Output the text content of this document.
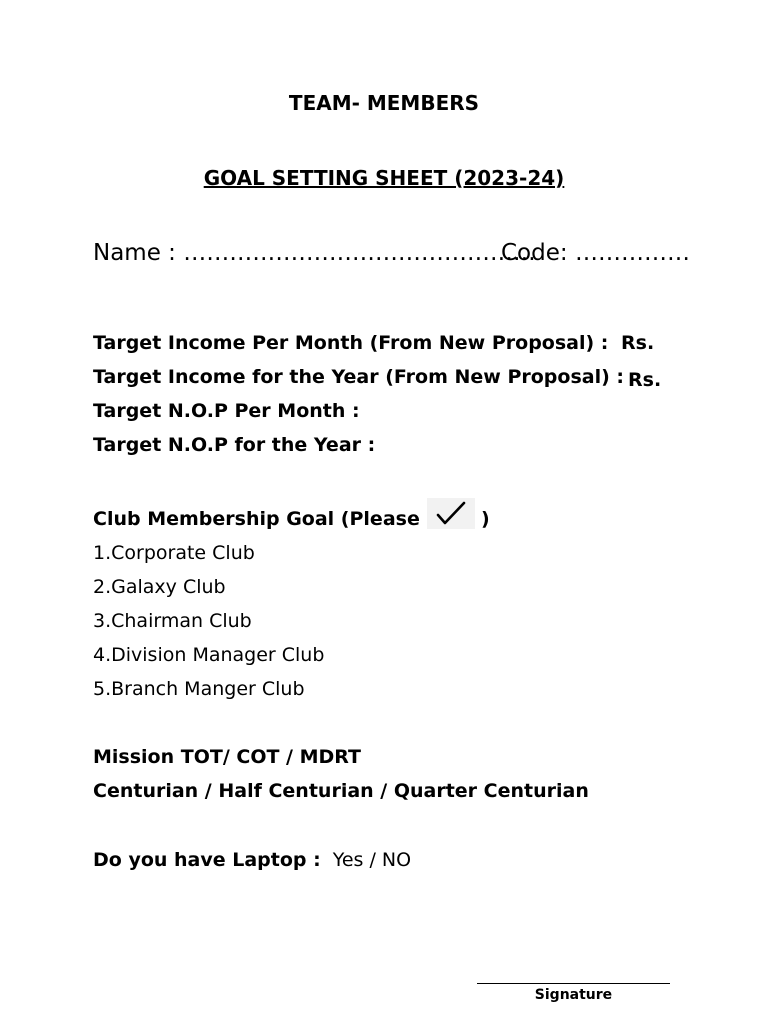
TEAM- MEMBERS
GOAL SETTING SHEET (2023-24)
Name : ……………………………………….
Code: ……………
Target Income Per Month (From New Proposal) : Rs.
Target Income for the Year (From New Proposal) : Rs.
Target N.O.P Per Month :
Target N.O.P for the Year :
Club Membership Goal (Please	)
1.Corporate Club
2.Galaxy Club
3.Chairman Club
4.Division Manager Club
5.Branch Manger Club
Mission TOT/ COT / MDRT
Centurian / Half Centurian / Quarter Centurian
Do you have Laptop : Yes / NO
Signature
